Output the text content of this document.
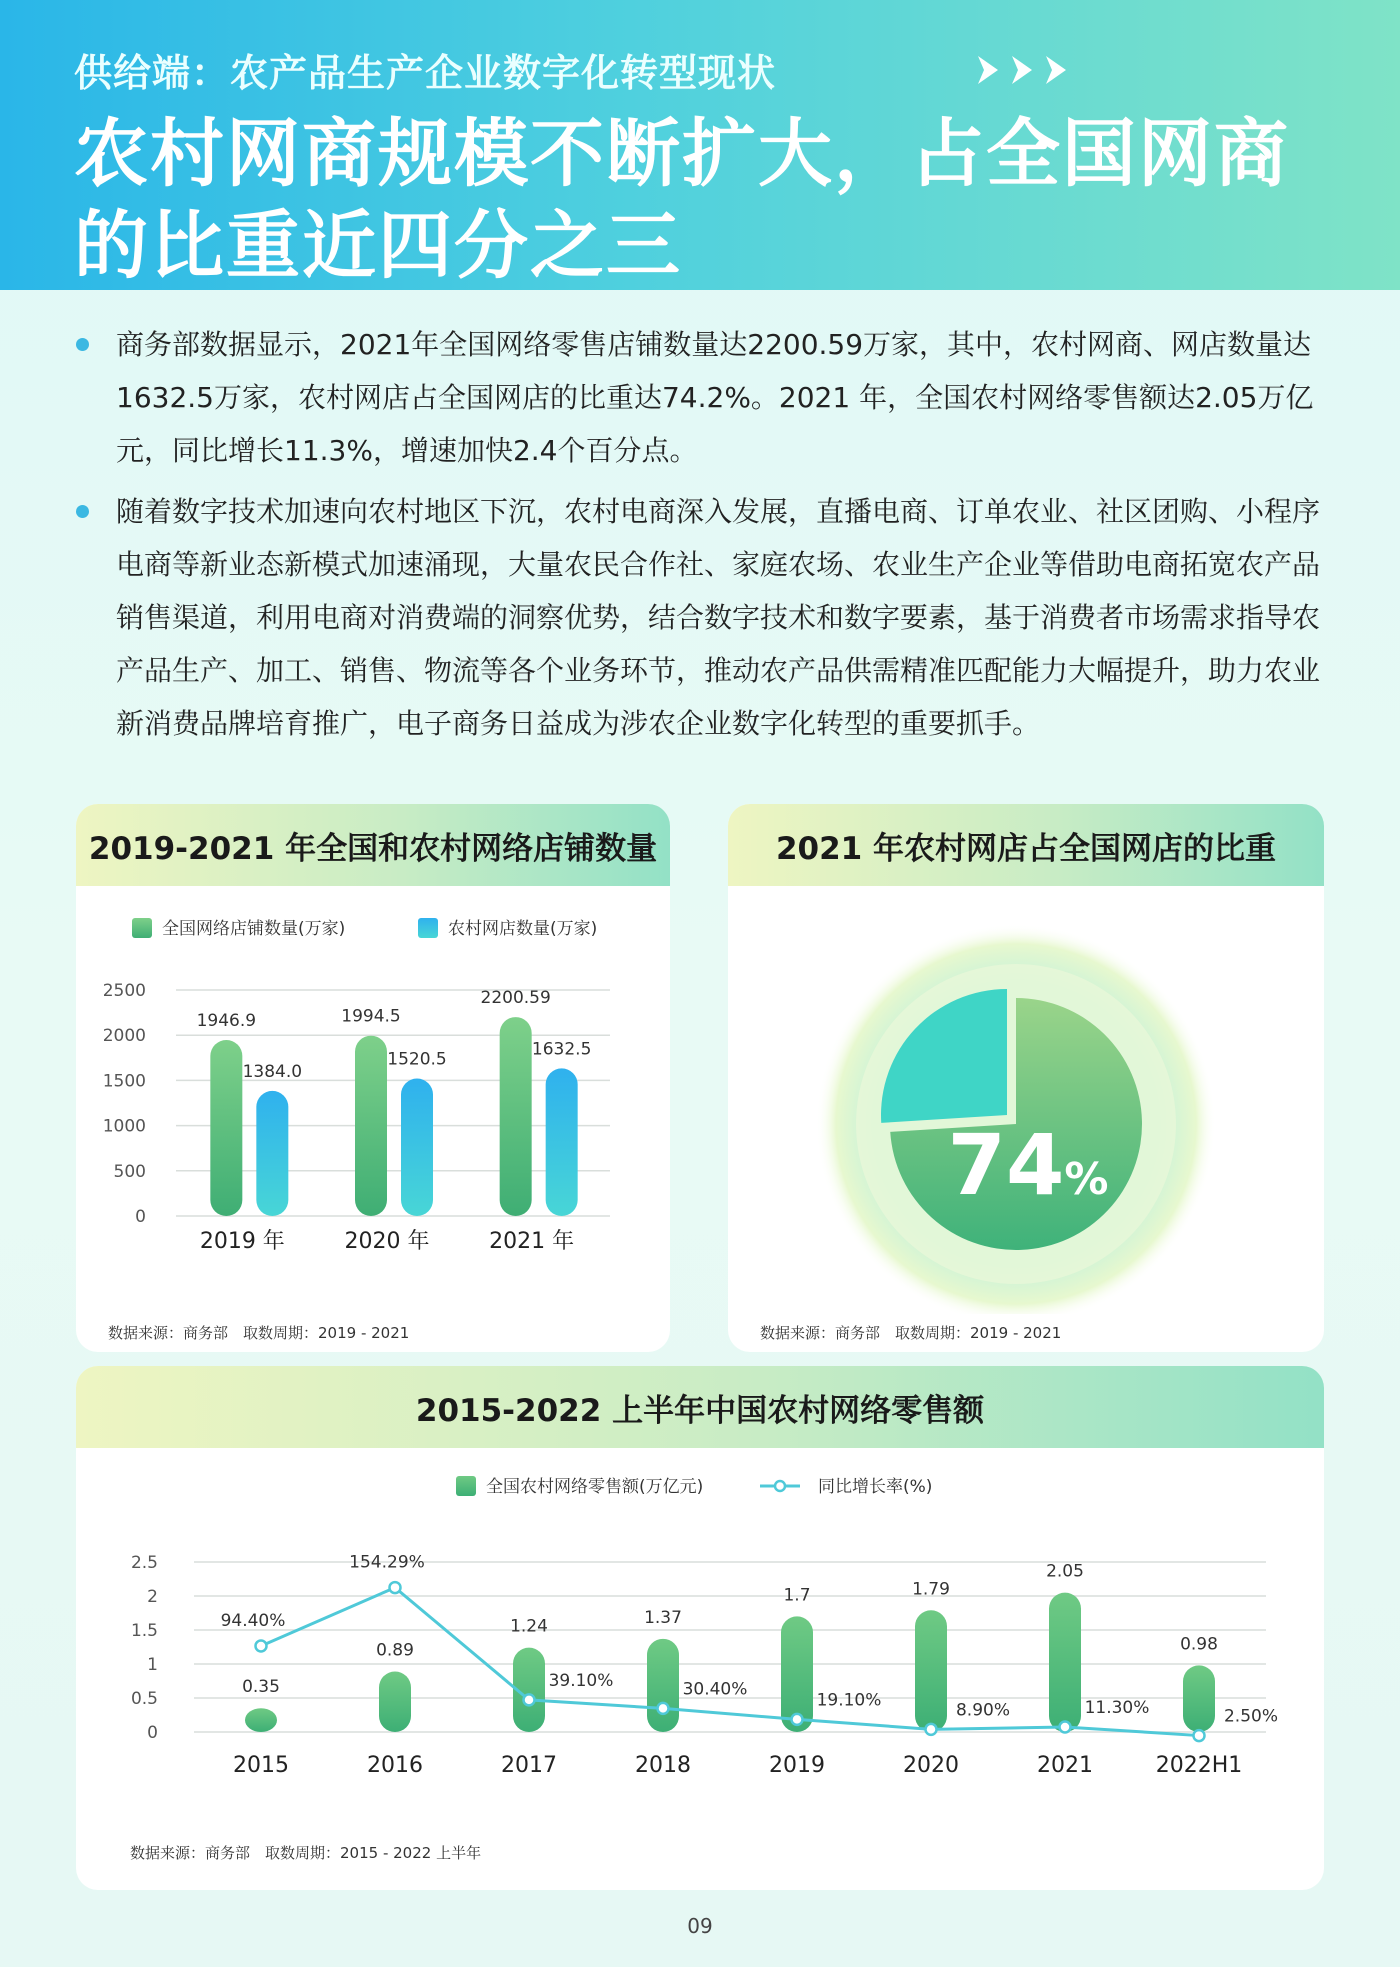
供给端：农产品生产企业数字化转型现状
农村网商规模不断扩大，占全国网商的比重近四分之三
商务部数据显示，2021年全国网络零售店铺数量达2200.59万家，其中，农村网商、网店数量达1632.5万家，农村网店占全国网店的比重达74.2%。2021 年，全国农村网络零售额达2.05万亿元，同比增长11.3%，增速加快2.4个百分点。
随着数字技术加速向农村地区下沉，农村电商深入发展，直播电商、订单农业、社区团购、小程序电商等新业态新模式加速涌现，大量农民合作社、家庭农场、农业生产企业等借助电商拓宽农产品销售渠道，利用电商对消费端的洞察优势，结合数字技术和数字要素，基于消费者市场需求指导农产品生产、加工、销售、物流等各个业务环节，推动农产品供需精准匹配能力大幅提升，助力农业新消费品牌培育推广，电子商务日益成为涉农企业数字化转型的重要抓手。
2019-2021 年全国和农村网络店铺数量
全国网络店铺数量(万家)	农村网店数量(万家)
0
500
1000
1500
2000
2500
1946.9
1384.0
1994.5
1520.5
2200.59
1632.5
2019 年	2020 年	2021 年
数据来源：商务部　取数周期：2019 - 2021
2021 年农村网店占全国网店的比重
74%
数据来源：商务部　取数周期：2019 - 2021
2015-2022 上半年中国农村网络零售额
全国农村网络零售额(万亿元)	同比增长率(%)
0
0.5
1
1.5
2
2.5
0.35
0.89
1.24	1.37
1.7	1.79
2.05
0.98
94.40%
154.29%
39.10%	30.40%
19.10%	8.90%	11.30%	2.50%
2015	2016	2017	2018	2019	2020	2021	2022H1
数据来源：商务部　取数周期：2015 - 2022 上半年
09
